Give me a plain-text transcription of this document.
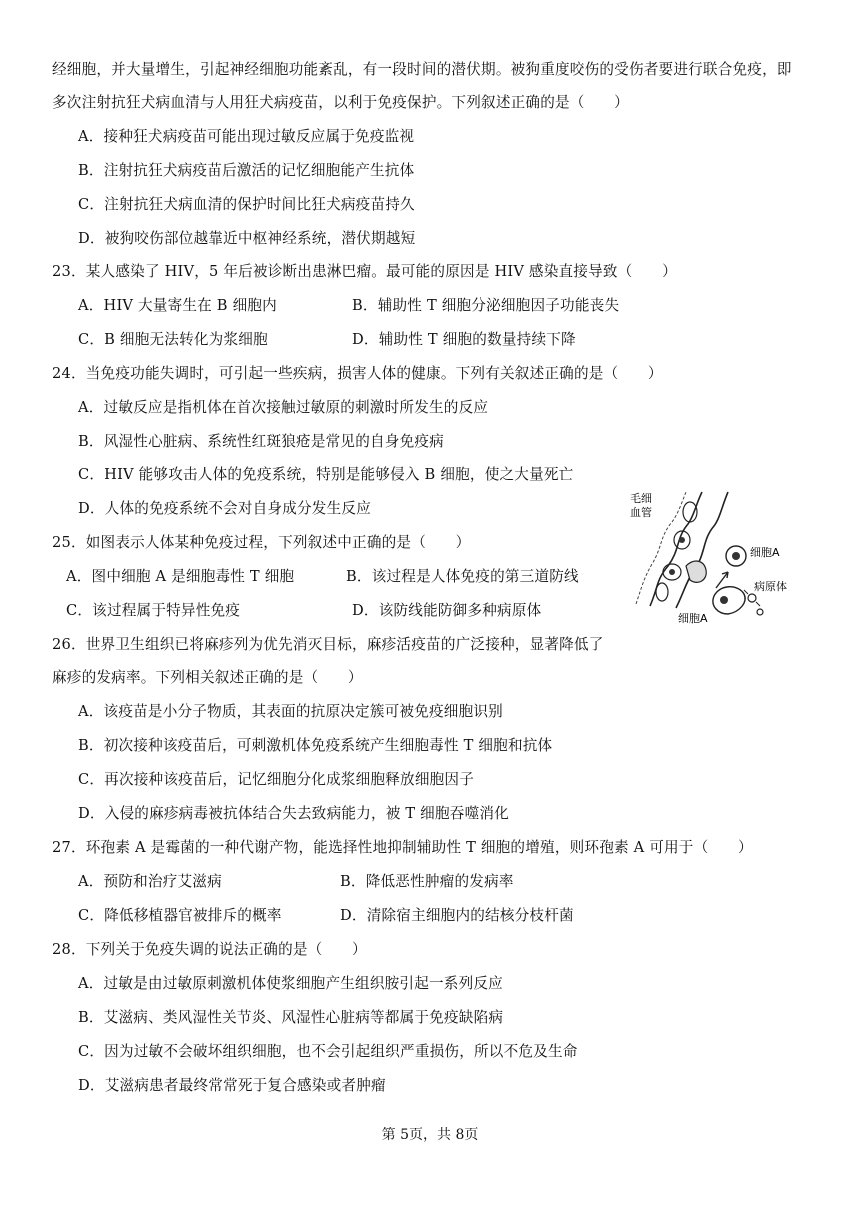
经细胞，并大量增生，引起神经细胞功能紊乱，有一段时间的潜伏期。被狗重度咬伤的受伤者要进行联合免疫，即
多次注射抗狂犬病血清与人用狂犬病疫苗，以利于免疫保护。下列叙述正确的是（　　）
A．接种狂犬病疫苗可能出现过敏反应属于免疫监视
B．注射抗狂犬病疫苗后激活的记忆细胞能产生抗体
C．注射抗狂犬病血清的保护时间比狂犬病疫苗持久
D．被狗咬伤部位越靠近中枢神经系统，潜伏期越短
23．某人感染了 HIV，5 年后被诊断出患淋巴瘤。最可能的原因是 HIV 感染直接导致（　　）
A．HIV 大量寄生在 B 细胞内	B．辅助性 T 细胞分泌细胞因子功能丧失
C．B 细胞无法转化为浆细胞	D．辅助性 T 细胞的数量持续下降
24．当免疫功能失调时，可引起一些疾病，损害人体的健康。下列有关叙述正确的是（　　）
A．过敏反应是指机体在首次接触过敏原的刺激时所发生的反应
B．风湿性心脏病、系统性红斑狼疮是常见的自身免疫病
C．HIV 能够攻击人体的免疫系统，特别是能够侵入 B 细胞，使之大量死亡
D．人体的免疫系统不会对自身成分发生反应
25．如图表示人体某种免疫过程，下列叙述中正确的是（　　）
A．图中细胞 A 是细胞毒性 T 细胞	B．该过程是人体免疫的第三道防线
C．该过程属于特异性免疫	D．该防线能防御多种病原体
毛细
血管
细胞A
病原体
细胞A
26．世界卫生组织已将麻疹列为优先消灭目标，麻疹活疫苗的广泛接种，显著降低了
麻疹的发病率。下列相关叙述正确的是（　　）
A．该疫苗是小分子物质，其表面的抗原决定簇可被免疫细胞识别
B．初次接种该疫苗后，可刺激机体免疫系统产生细胞毒性 T 细胞和抗体
C．再次接种该疫苗后，记忆细胞分化成浆细胞释放细胞因子
D．入侵的麻疹病毒被抗体结合失去致病能力，被 T 细胞吞噬消化
27．环孢素 A 是霉菌的一种代谢产物，能选择性地抑制辅助性 T 细胞的增殖，则环孢素 A 可用于（　　）
A．预防和治疗艾滋病	B．降低恶性肿瘤的发病率
C．降低移植器官被排斥的概率	D．清除宿主细胞内的结核分枝杆菌
28．下列关于免疫失调的说法正确的是（　　）
A．过敏是由过敏原刺激机体使浆细胞产生组织胺引起一系列反应
B．艾滋病、类风湿性关节炎、风湿性心脏病等都属于免疫缺陷病
C．因为过敏不会破坏组织细胞，也不会引起组织严重损伤，所以不危及生命
D．艾滋病患者最终常常死于复合感染或者肿瘤
第 5页，共 8页
